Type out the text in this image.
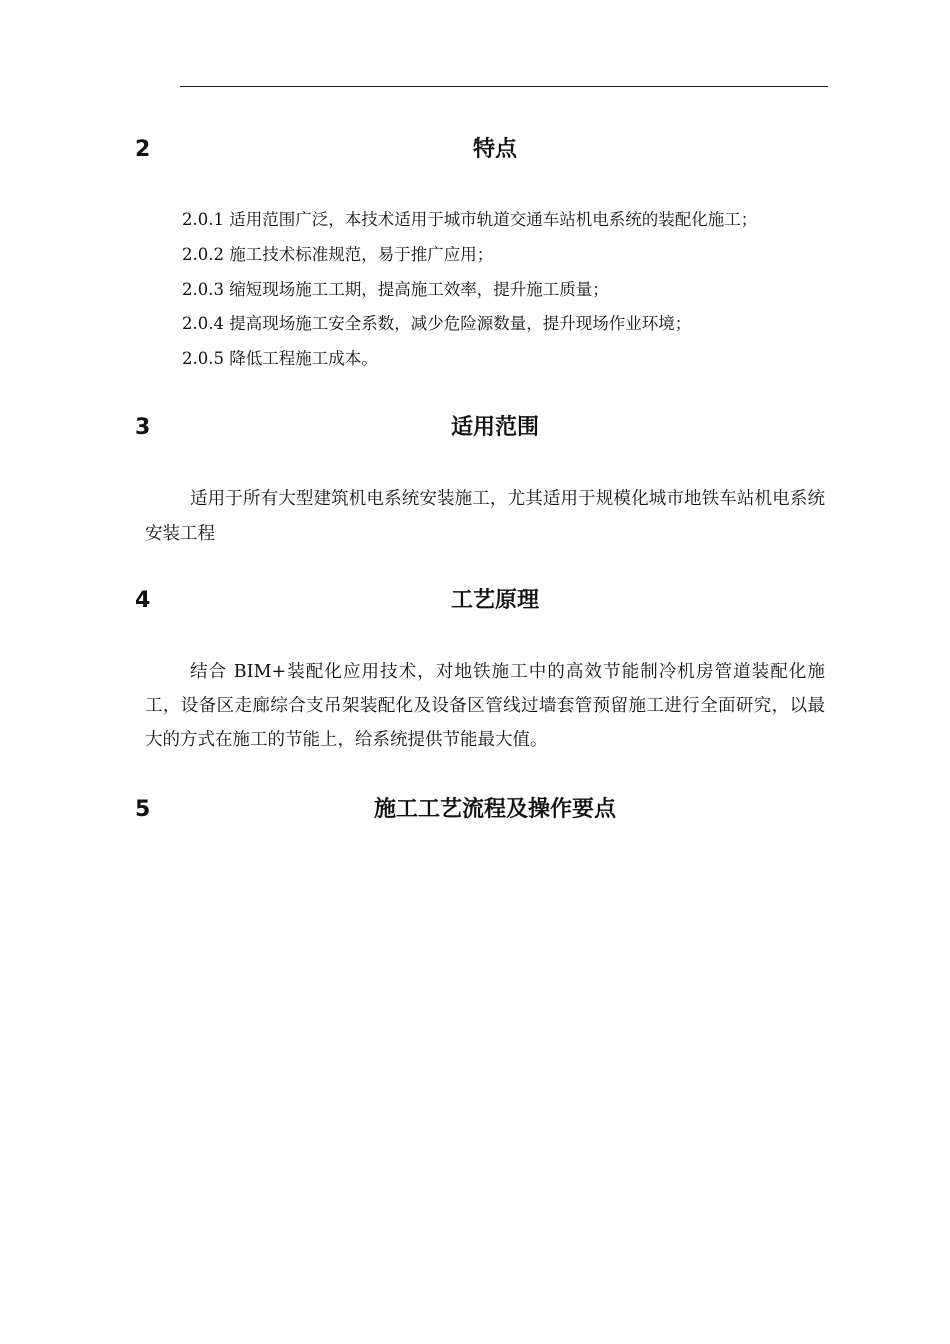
2	特点
2.0.1 适用范围广泛，本技术适用于城市轨道交通车站机电系统的装配化施工；
2.0.2 施工技术标准规范，易于推广应用；
2.0.3 缩短现场施工工期，提高施工效率，提升施工质量；
2.0.4 提高现场施工安全系数，减少危险源数量，提升现场作业环境；
2.0.5 降低工程施工成本。
3	适用范围
适用于所有大型建筑机电系统安装施工，尤其适用于规模化城市地铁车站机电系统安装工程
4	工艺原理
结合 BIM+装配化应用技术，对地铁施工中的高效节能制冷机房管道装配化施工，设备区走廊综合支吊架装配化及设备区管线过墙套管预留施工进行全面研究，以最大的方式在施工的节能上，给系统提供节能最大值。
5	施工工艺流程及操作要点
